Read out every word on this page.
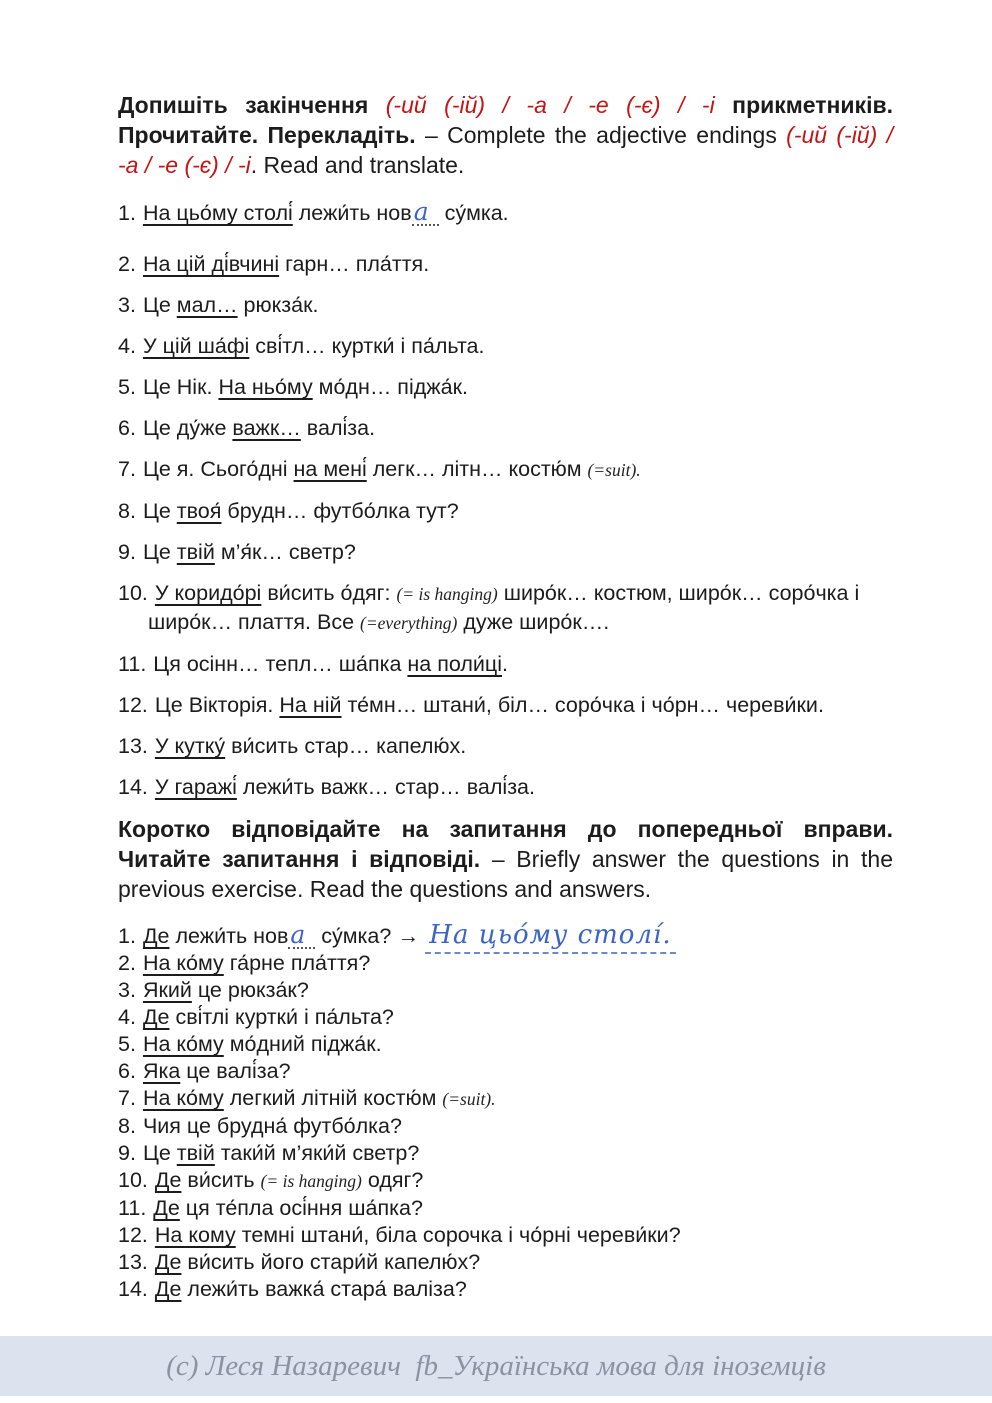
Допишіть закінчення (-ий (-ій) / -а / -е (-є) / -і прикметників. Прочитайте. Перекладіть. – Complete the adjective endings (-ий (-ій) / -а / -е (-є) / -і. Read and translate.

1. На цьо́му столі́ лежи́ть нова су́мка.
2. На цій ді́вчині гарн… пла́ття.
3. Це мал… рюкза́к.
4. У цій ша́фі сві́тл… куртки́ і па́льта.
5. Це Нік. На ньо́му мо́дн… піджа́к.
6. Це ду́же важк… валі́за.
7. Це я. Сього́дні на мені́ легк… літн… костю́м (=suit).
8. Це твоя́ брудн… футбо́лка тут?
9. Це твій м’я́к… светр?
10. У коридо́рі ви́сить о́дяг: (= is hanging) широ́к… костюм, широ́к… соро́чка і широ́к… плаття. Все (=everything) дуже широ́к….
11. Ця осінн… тепл… ша́пка на поли́ці.
12. Це Вікторія. На ній те́мн… штани́, біл… соро́чка і чо́рн… череви́ки.
13. У кутку́ ви́сить стар… капелю́х.
14. У гаражі́ лежи́ть важк… стар… валі́за.

Коротко відповідайте на запитання до попередньої вправи. Читайте запитання і відповіді. – Briefly answer the questions in the previous exercise. Read the questions and answers.

1. Де лежи́ть нова су́мка? → На цьо́му столі́.
2. На ко́му га́рне пла́ття?
3. Який це рюкза́к?
4. Де сві́тлі куртки́ і па́льта?
5. На ко́му мо́дний піджа́к.
6. Яка це валі́за?
7. На ко́му легкий літній костю́м (=suit).
8. Чия це брудна́ футбо́лка?
9. Це твій таки́й м’яки́й светр?
10. Де ви́сить (= is hanging) одяг?
11. Де ця те́пла осі́ння ша́пка?
12. На кому темні штани́, біла сорочка і чо́рні череви́ки?
13. Де ви́сить його стари́й капелю́х?
14. Де лежи́ть важка́ стара́ валіза?
(с) Леся Назаревич  fb_Українська мова для іноземців
